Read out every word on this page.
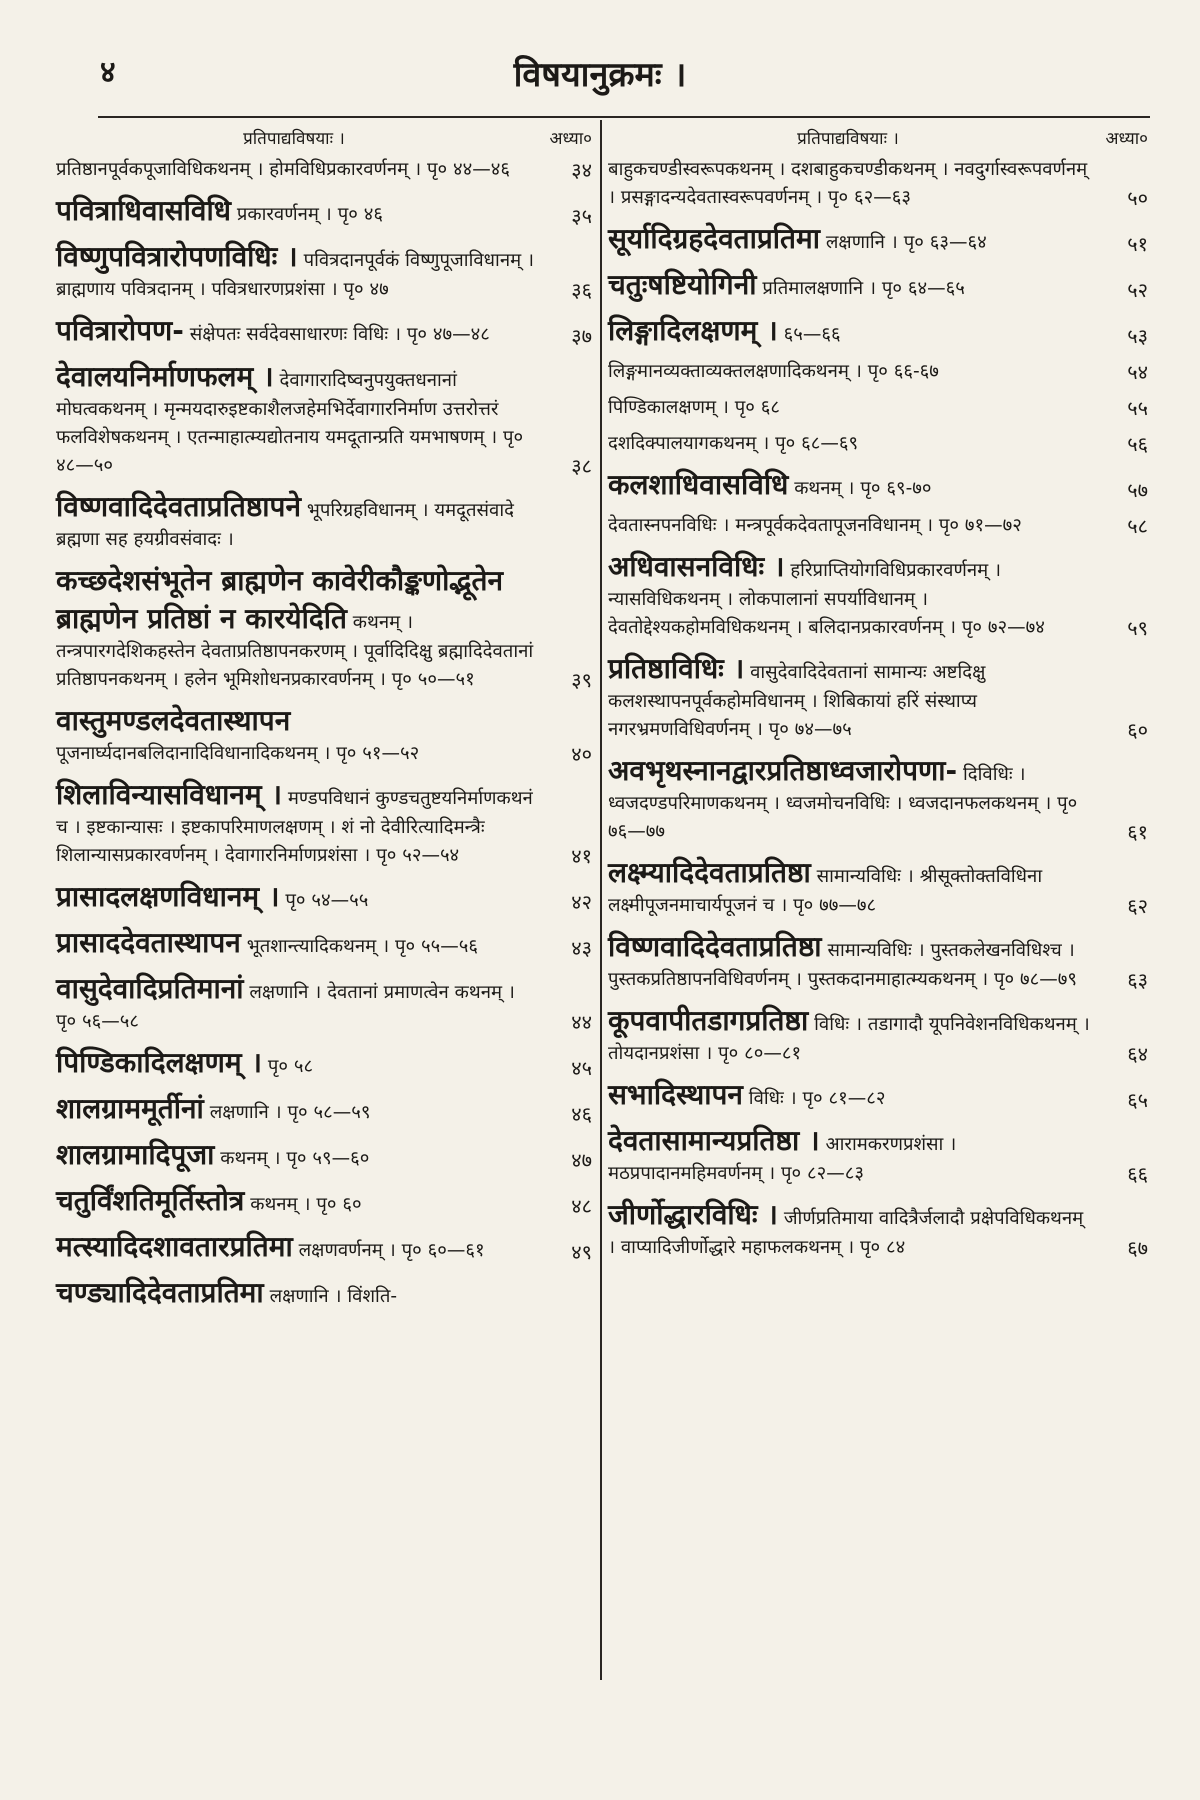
४	विषयानुक्रमः ।
प्रतिपाद्यविषयाः ।	अध्या०
प्रतिष्ठानपूर्वकपूजाविधिकथनम् । होमविधिप्रकारवर्णनम् । पृ० ४४—४६	३४
पवित्राधिवासविधि प्रकारवर्णनम् । पृ० ४६	३५
विष्णुपवित्रारोपणविधिः । पवित्रदानपूर्वकं विष्णुपूजाविधानम् । ब्राह्मणाय पवित्रदानम् । पवित्रधारणप्रशंसा । पृ० ४७	३६
पवित्रारोपण- संक्षेपतः सर्वदेवसाधारणः विधिः । पृ० ४७—४८	३७
देवालयनिर्माणफलम् । देवागारादिष्वनुपयुक्तधनानां मोघत्वकथनम् । मृन्मयदारुइष्टकाशैलजहेमभिर्देवागारनिर्माण उत्तरोत्तरं फलविशेषकथनम् । एतन्माहात्म्यद्योतनाय यमदूतान्प्रति यमभाषणम् । पृ० ४८—५०	३८
विष्णवादिदेवताप्रतिष्ठापने भूपरिग्रहविधानम् । यमदूतसंवादे ब्रह्मणा सह हयग्रीवसंवादः ।
कच्छदेशसंभूतेन ब्राह्मणेन कावेरीकौङ्कणोद्भूतेन ब्राह्मणेन प्रतिष्ठां न कारयेदिति कथनम् । तन्त्रपारगदेशिकहस्तेन देवताप्रतिष्ठापनकरणम् । पूर्वादिदिक्षु ब्रह्मादिदेवतानां प्रतिष्ठापनकथनम् । हलेन भूमिशोधनप्रकारवर्णनम् । पृ० ५०—५१	३९
वास्तुमण्डलदेवतास्थापन पूजनार्घ्यदानबलिदानादिविधानादिकथनम् । पृ० ५१—५२	४०
शिलाविन्यासविधानम् । मण्डपविधानं कुण्डचतुष्टयनिर्माणकथनं च । इष्टकान्यासः । इष्टकापरिमाणलक्षणम् । शं नो देवीरित्यादिमन्त्रैः शिलान्यासप्रकारवर्णनम् । देवागारनिर्माणप्रशंसा । पृ० ५२—५४	४१
प्रासादलक्षणविधानम् । पृ० ५४—५५	४२
प्रासाददेवतास्थापन भूतशान्त्यादिकथनम् । पृ० ५५—५६	४३
वासुदेवादिप्रतिमानां लक्षणानि । देवतानां प्रमाणत्वेन कथनम् । पृ० ५६—५८	४४
पिण्डिकादिलक्षणम् । पृ० ५८	४५
शालग्राममूर्तीनां लक्षणानि । पृ० ५८—५९	४६
शालग्रामादिपूजा कथनम् । पृ० ५९—६०	४७
चतुर्विंशतिमूर्तिस्तोत्र कथनम् । पृ० ६०	४८
मत्स्यादिदशावतारप्रतिमा लक्षणवर्णनम् । पृ० ६०—६१	४९
चण्ड्यादिदेवताप्रतिमा लक्षणानि । विंशति-
प्रतिपाद्यविषयाः ।	अध्या०
बाहुकचण्डीस्वरूपकथनम् । दशबाहुकचण्डीकथनम् । नवदुर्गास्वरूपवर्णनम् । प्रसङ्गादन्यदेवतास्वरूपवर्णनम् । पृ० ६२—६३	५०
सूर्यादिग्रहदेवताप्रतिमा लक्षणानि । पृ० ६३—६४	५१
चतुःषष्टियोगिनी प्रतिमालक्षणानि । पृ० ६४—६५	५२
लिङ्गादिलक्षणम् । ६५—६६	५३
लिङ्गमानव्यक्ताव्यक्तलक्षणादिकथनम् । पृ० ६६-६७	५४
पिण्डिकालक्षणम् । पृ० ६८	५५
दशदिक्पालयागकथनम् । पृ० ६८—६९	५६
कलशाधिवासविधि कथनम् । पृ० ६९-७०	५७
देवतास्नपनविधिः । मन्त्रपूर्वकदेवतापूजनविधानम् । पृ० ७१—७२	५८
अधिवासनविधिः । हरिप्राप्तियोगविधिप्रकारवर्णनम् । न्यासविधिकथनम् । लोकपालानां सपर्याविधानम् । देवतोद्देश्यकहोमविधिकथनम् । बलिदानप्रकारवर्णनम् । पृ० ७२—७४	५९
प्रतिष्ठाविधिः । वासुदेवादिदेवतानां सामान्यः अष्टदिक्षु कलशस्थापनपूर्वकहोमविधानम् । शिबिकायां हरिं संस्थाप्य नगरभ्रमणविधिवर्णनम् । पृ० ७४—७५	६०
अवभृथस्नानद्वारप्रतिष्ठाध्वजारोपणा- दिविधिः । ध्वजदण्डपरिमाणकथनम् । ध्वजमोचनविधिः । ध्वजदानफलकथनम् । पृ० ७६—७७	६१
लक्ष्म्यादिदेवताप्रतिष्ठा सामान्यविधिः । श्रीसूक्तोक्तविधिना लक्ष्मीपूजनमाचार्यपूजनं च । पृ० ७७—७८	६२
विष्णवादिदेवताप्रतिष्ठा सामान्यविधिः । पुस्तकलेखनविधिश्च । पुस्तकप्रतिष्ठापनविधिवर्णनम् । पुस्तकदानमाहात्म्यकथनम् । पृ० ७८—७९	६३
कूपवापीतडागप्रतिष्ठा विधिः । तडागादौ यूपनिवेशनविधिकथनम् । तोयदानप्रशंसा । पृ० ८०—८१	६४
सभादिस्थापन विधिः । पृ० ८१—८२	६५
देवतासामान्यप्रतिष्ठा । आरामकरणप्रशंसा । मठप्रपादानमहिमवर्णनम् । पृ० ८२—८३	६६
जीर्णोद्धारविधिः । जीर्णप्रतिमाया वादित्रैर्जलादौ प्रक्षेपविधिकथनम् । वाप्यादिजीर्णोद्धारे महाफलकथनम् । पृ० ८४	६७
